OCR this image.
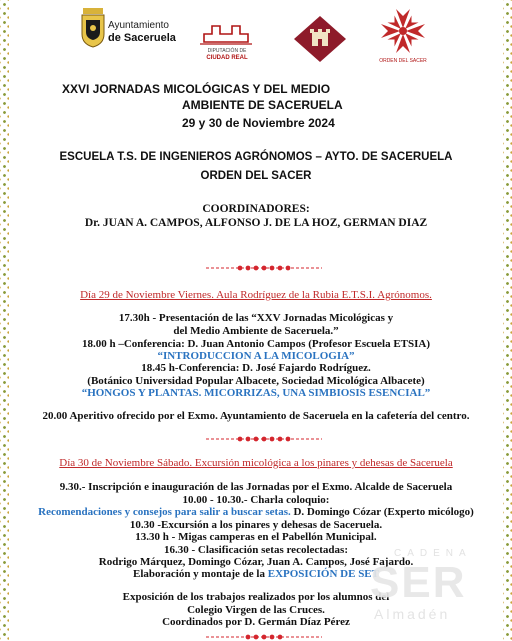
Ayuntamiento
de Saceruela
DIPUTACIÓN DE
CIUDAD REAL	ORDEN DEL SACER
XXVI JORNADAS MICOLÓGICAS Y DEL MEDIO
AMBIENTE DE SACERUELA
29 y 30 de Noviembre 2024
ESCUELA T.S. DE INGENIEROS AGRÓNOMOS – AYTO. DE SACERUELA
ORDEN DEL SACER
COORDINADORES:
Dr. JUAN A. CAMPOS, ALFONSO J. DE LA HOZ, GERMAN DIAZ
Día 29 de Noviembre Viernes. Aula Rodríguez de la Rubia E.T.S.I. Agrónomos.
17.30h - Presentación de las “XXV Jornadas Micológicas y
del Medio Ambiente de Saceruela.”
18.00 h –Conferencia: D. Juan Antonio Campos (Profesor Escuela ETSIA)
“INTRODUCCION A LA MICOLOGIA”
18.45 h-Conferencia: D. José Fajardo Rodríguez.
(Botánico Universidad Popular Albacete, Sociedad Micológica Albacete)
“HONGOS Y PLANTAS. MICORRIZAS, UNA SIMBIOSIS ESENCIAL”
20.00 Aperitivo ofrecido por el Exmo. Ayuntamiento de Saceruela en la cafetería del centro.
Día 30 de Noviembre Sábado. Excursión micológica a los pinares y dehesas de Saceruela
9.30.- Inscripción e inauguración de las Jornadas por el Exmo. Alcalde de Saceruela
10.00 - 10.30.- Charla coloquio:
Recomendaciones y consejos para salir a buscar setas. D. Domingo Cózar (Experto micólogo)
10.30 -Excursión a los pinares y dehesas de Saceruela.
13.30 h - Migas camperas en el Pabellón Municipal.
16.30 - Clasificación setas recolectadas:
Rodrigo Márquez, Domingo Cózar, Juan A. Campos, José Fajardo.
Elaboración y montaje de la EXPOSICIÓN DE SET
Exposición de los trabajos realizados por los alumnos del
Colegio Virgen de las Cruces.
Coordinados por D. Germán Díaz Pérez
CADENA
SER
Almadén
